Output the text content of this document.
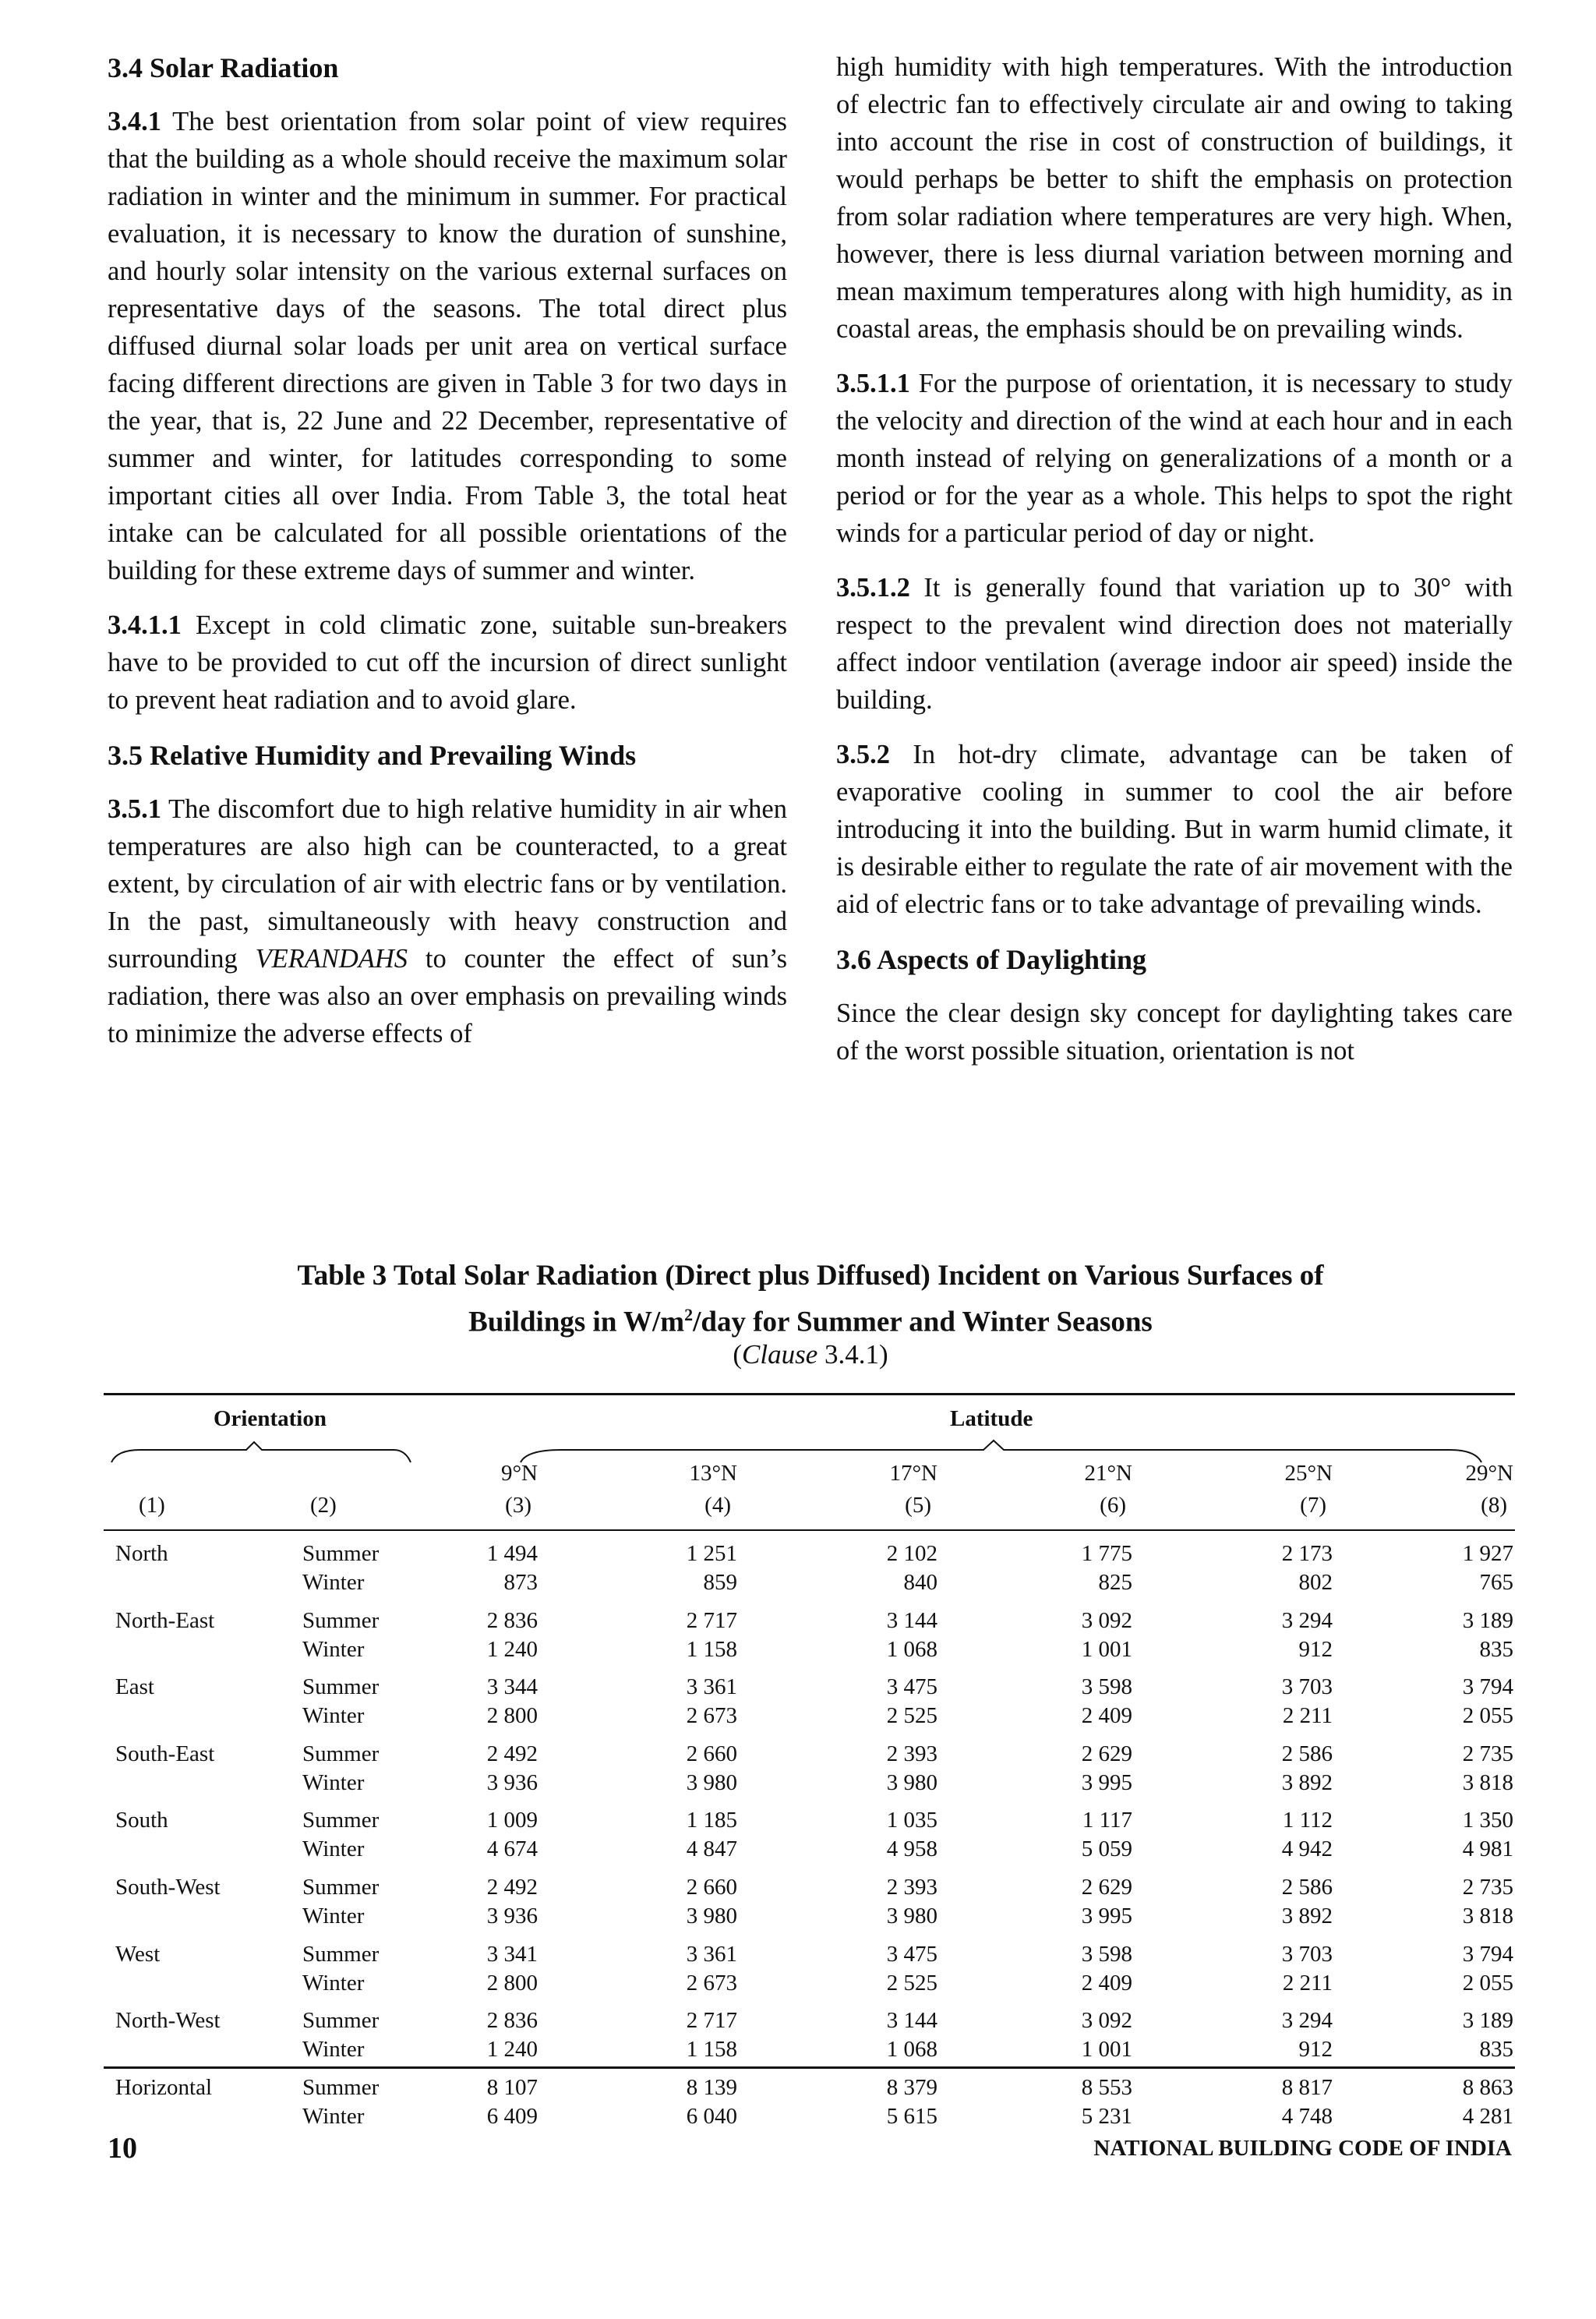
3.4 Solar Radiation

3.4.1 The best orientation from solar point of view requires that the building as a whole should receive the maximum solar radiation in winter and the minimum in summer. For practical evaluation, it is necessary to know the duration of sunshine, and hourly solar intensity on the various external surfaces on representative days of the seasons. The total direct plus diffused diurnal solar loads per unit area on vertical surface facing different directions are given in Table 3 for two days in the year, that is, 22 June and 22 December, representative of summer and winter, for latitudes corresponding to some important cities all over India. From Table 3, the total heat intake can be calculated for all possible orientations of the building for these extreme days of summer and winter.

3.4.1.1 Except in cold climatic zone, suitable sun-breakers have to be provided to cut off the incursion of direct sunlight to prevent heat radiation and to avoid glare.

3.5 Relative Humidity and Prevailing Winds

3.5.1 The discomfort due to high relative humidity in air when temperatures are also high can be counteracted, to a great extent, by circulation of air with electric fans or by ventilation. In the past, simultaneously with heavy construction and surrounding VERANDAHS to counter the effect of sun’s radiation, there was also an over emphasis on prevailing winds to minimize the adverse effects of

high humidity with high temperatures. With the introduction of electric fan to effectively circulate air and owing to taking into account the rise in cost of construction of buildings, it would perhaps be better to shift the emphasis on protection from solar radiation where temperatures are very high. When, however, there is less diurnal variation between morning and mean maximum temperatures along with high humidity, as in coastal areas, the emphasis should be on prevailing winds.

3.5.1.1 For the purpose of orientation, it is necessary to study the velocity and direction of the wind at each hour and in each month instead of relying on generalizations of a month or a period or for the year as a whole. This helps to spot the right winds for a particular period of day or night.

3.5.1.2 It is generally found that variation up to 30° with respect to the prevalent wind direction does not materially affect indoor ventilation (average indoor air speed) inside the building.

3.5.2 In hot-dry climate, advantage can be taken of evaporative cooling in summer to cool the air before introducing it into the building. But in warm humid climate, it is desirable either to regulate the rate of air movement with the aid of electric fans or to take advantage of prevailing winds.

3.6 Aspects of Daylighting

Since the clear design sky concept for daylighting takes care of the worst possible situation, orientation is not

Table 3 Total Solar Radiation (Direct plus Diffused) Incident on Various Surfaces of
Buildings in $W/m^2$/day for Summer and Winter Seasons
(Clause 3.4.1)
Orientation	Latitude
9°N	13°N	17°N	21°N	25°N	29°N
(1)	(2)	(3)	(4)	(5)	(6)	(7)	(8)
North	Summer	1 494	1 251	2 102	1 775	2 173	1 927
Winter	873	859	840	825	802	765
North-East	Summer	2 836	2 717	3 144	3 092	3 294	3 189
Winter	1 240	1 158	1 068	1 001	912	835
East	Summer	3 344	3 361	3 475	3 598	3 703	3 794
Winter	2 800	2 673	2 525	2 409	2 211	2 055
South-East	Summer	2 492	2 660	2 393	2 629	2 586	2 735
Winter	3 936	3 980	3 980	3 995	3 892	3 818
South	Summer	1 009	1 185	1 035	1 117	1 112	1 350
Winter	4 674	4 847	4 958	5 059	4 942	4 981
South-West	Summer	2 492	2 660	2 393	2 629	2 586	2 735
Winter	3 936	3 980	3 980	3 995	3 892	3 818
West	Summer	3 341	3 361	3 475	3 598	3 703	3 794
Winter	2 800	2 673	2 525	2 409	2 211	2 055
North-West	Summer	2 836	2 717	3 144	3 092	3 294	3 189
Winter	1 240	1 158	1 068	1 001	912	835
Horizontal	Summer	8 107	8 139	8 379	8 553	8 817	8 863
Winter	6 409	6 040	5 615	5 231	4 748	4 281
10	NATIONAL BUILDING CODE OF INDIA
